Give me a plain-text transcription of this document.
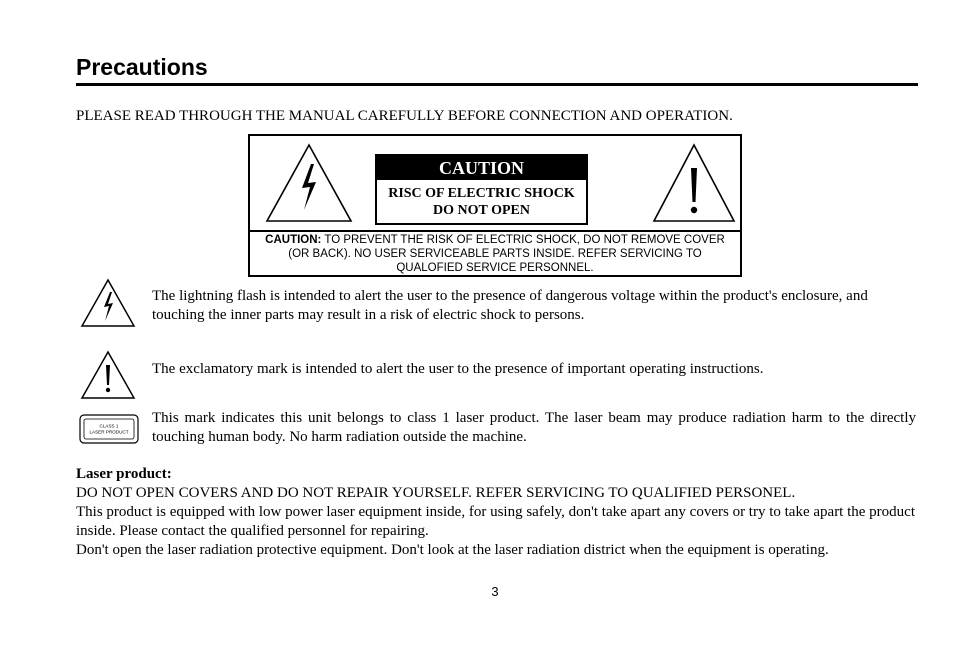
Precautions
PLEASE READ THROUGH THE MANUAL CAREFULLY BEFORE CONNECTION AND OPERATION.
CAUTION
RISC OF ELECTRIC SHOCK
DO NOT OPEN
CAUTION: TO PREVENT THE RISK OF ELECTRIC SHOCK, DO NOT REMOVE COVER (OR BACK). NO USER SERVICEABLE PARTS INSIDE. REFER SERVICING TO QUALOFIED SERVICE PERSONNEL.
The lightning flash is intended to alert the user to the presence of dangerous voltage within the product's enclosure, and touching the inner parts may result in a risk of electric shock to persons.
The exclamatory mark is intended to alert the user to the presence of important operating instructions.
CLASS 1
LASER PRODUCT
This mark indicates this unit belongs to class 1 laser product. The laser beam may produce radiation harm to the directly touching human body. No harm radiation outside the machine.
Laser product:
DO NOT OPEN COVERS AND DO NOT REPAIR YOURSELF. REFER SERVICING TO QUALIFIED PERSONEL.
This product is equipped with low power laser equipment inside, for using safely, don't take apart any covers or try to take apart the product inside. Please contact the qualified personnel for repairing.
Don't open the laser radiation protective equipment. Don't look at the laser radiation district when the equipment is operating.
3
